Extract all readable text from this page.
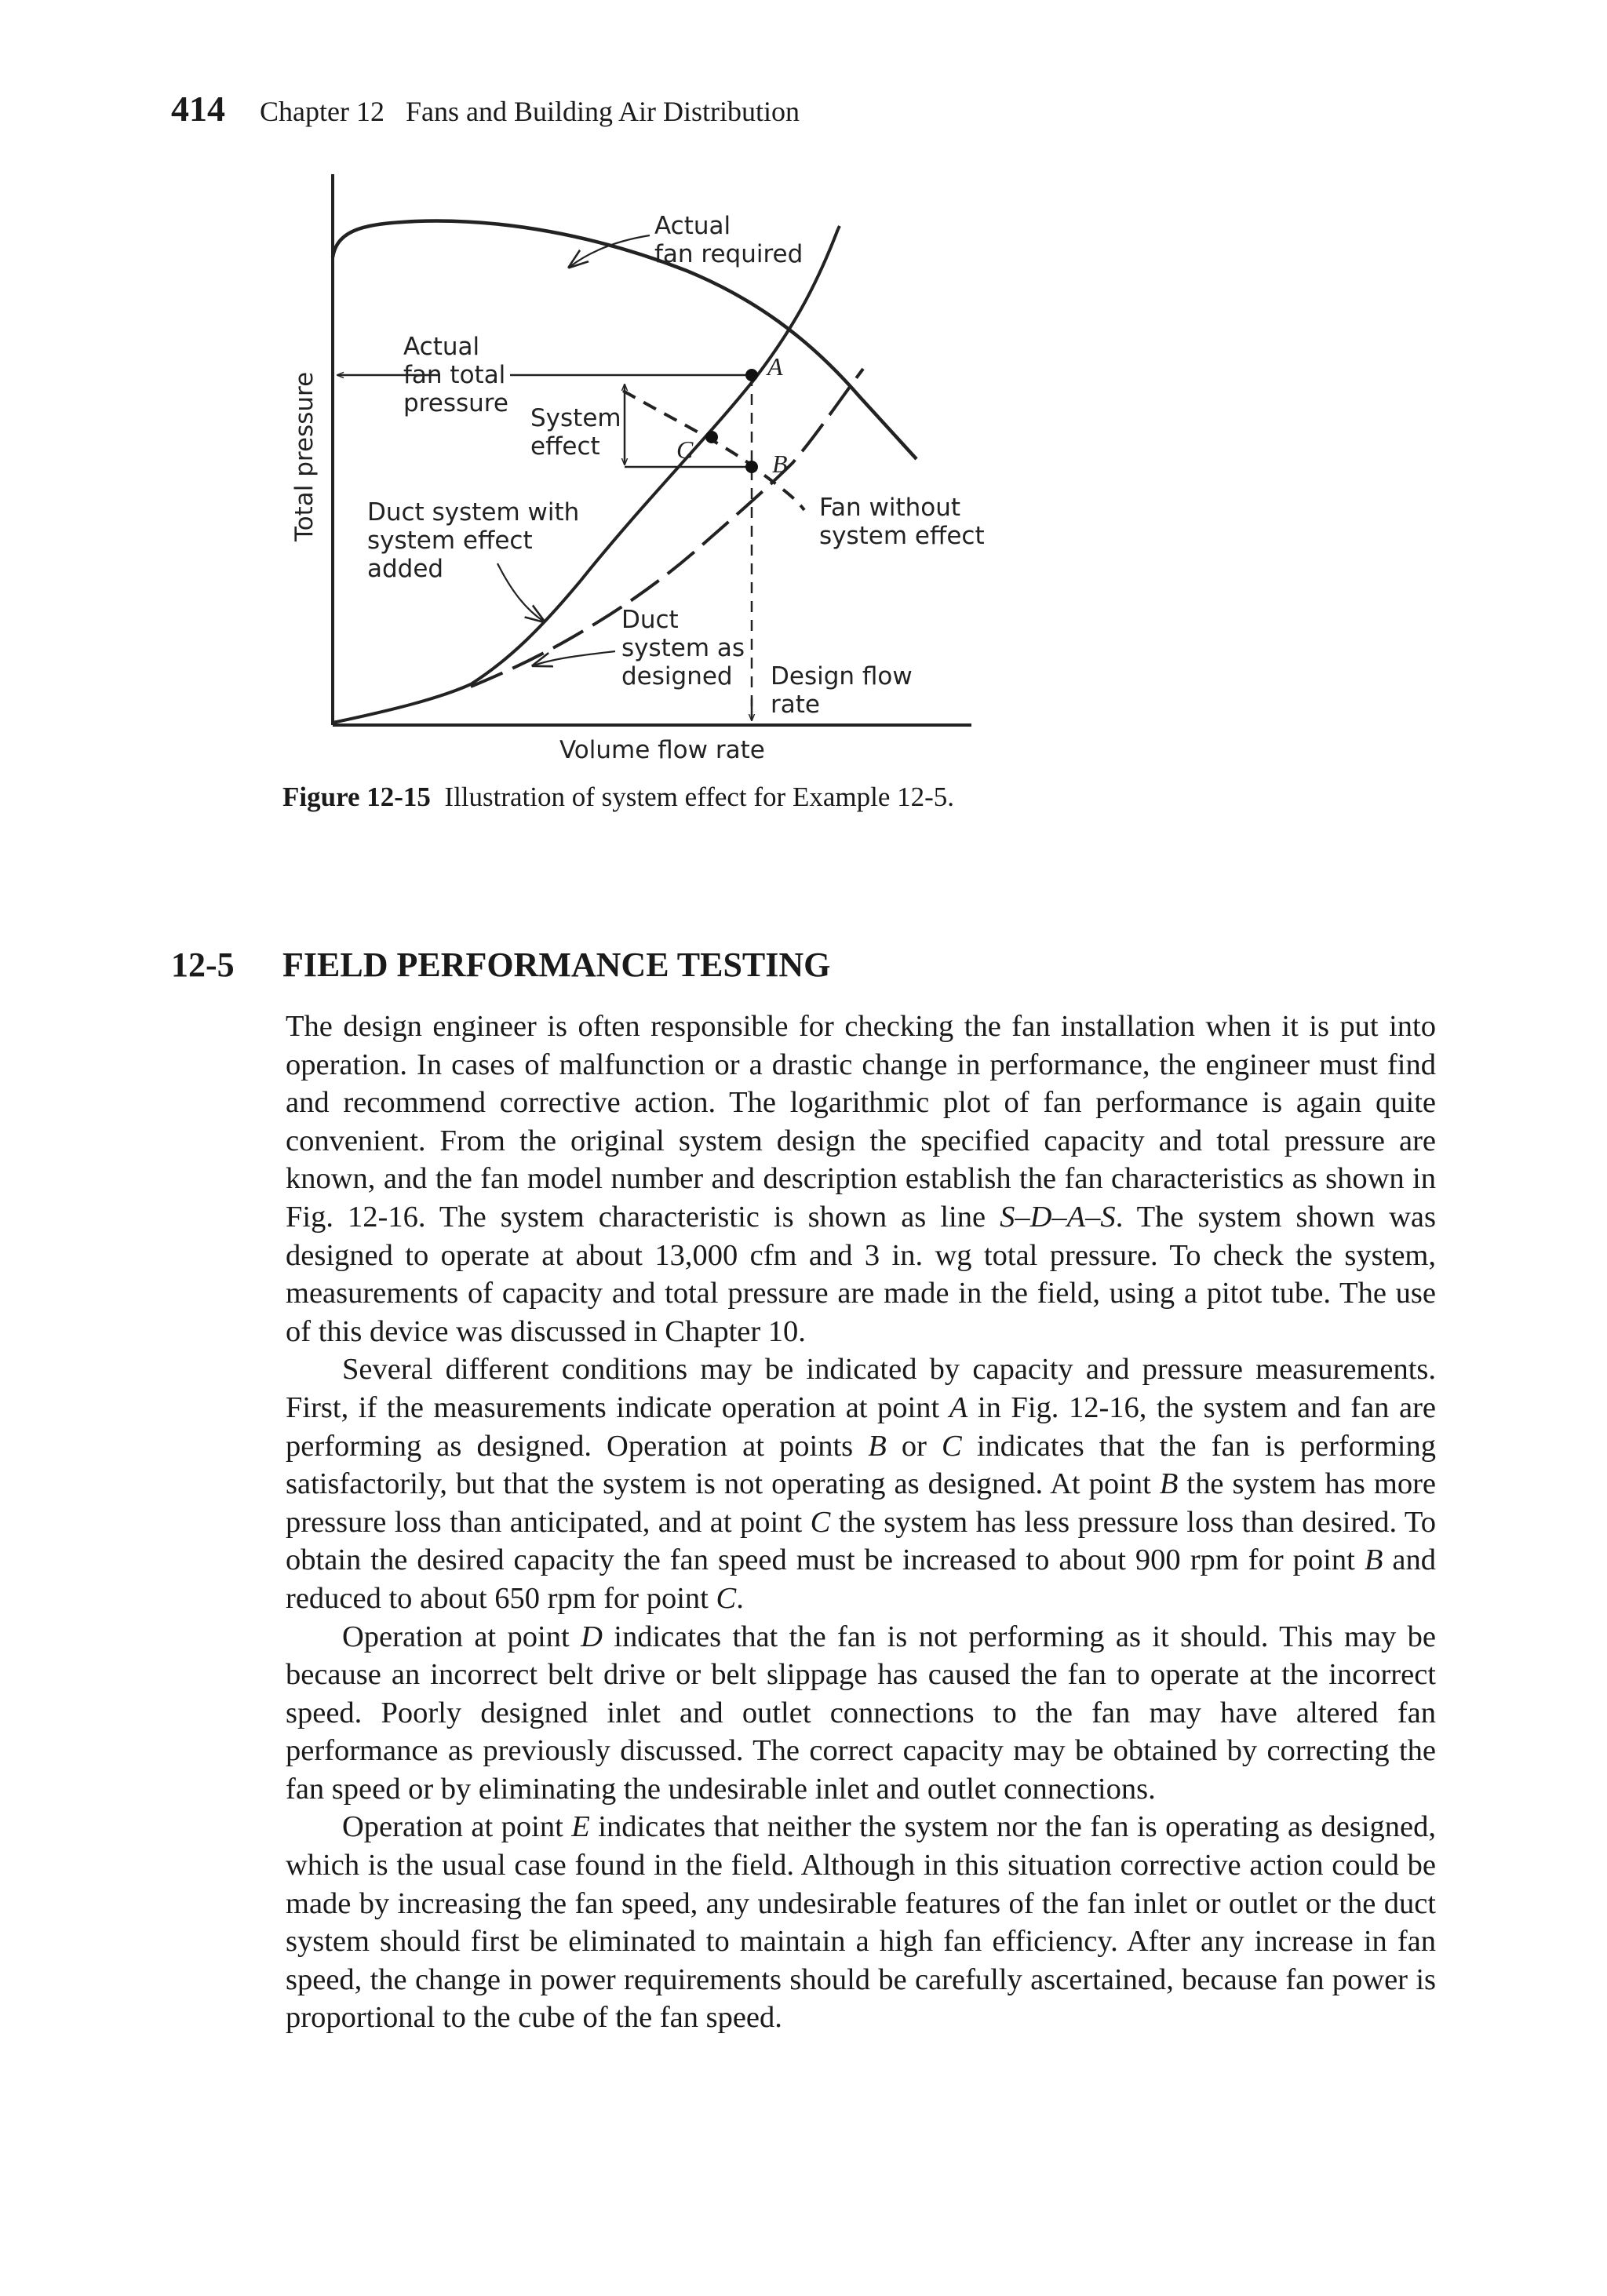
414 Chapter 12   Fans and Building Air Distribution
A
B
C
Actual
fan required
Actual
fan total
pressure
System
effect
Duct system with
system effect
added
Fan without
system effect
Duct
system as
designed Design flow
rate
Volume flow rate
Total pressure
Figure 12-15 Illustration of system effect for Example 12-5.
12-5 FIELD PERFORMANCE TESTING

The design engineer is often responsible for checking the fan installation when it is put into operation. In cases of malfunction or a drastic change in performance, the engineer must find and recommend corrective action. The logarithmic plot of fan performance is again quite convenient. From the original system design the specified capacity and total pressure are known, and the fan model number and description establish the fan characteristics as shown in Fig. 12-16. The system characteristic is shown as line S–D–A–S. The system shown was designed to operate at about 13,000 cfm and 3 in. wg total pressure. To check the system, measurements of capacity and total pressure are made in the field, using a pitot tube. The use of this device was discussed in Chapter 10.

Several different conditions may be indicated by capacity and pressure measurements. First, if the measurements indicate operation at point A in Fig. 12-16, the system and fan are performing as designed. Operation at points B or C indicates that the fan is performing satisfactorily, but that the system is not operating as designed. At point B the system has more pressure loss than anticipated, and at point C the system has less pressure loss than desired. To obtain the desired capacity the fan speed must be increased to about 900 rpm for point B and reduced to about 650 rpm for point C.

Operation at point D indicates that the fan is not performing as it should. This may be because an incorrect belt drive or belt slippage has caused the fan to operate at the incorrect speed. Poorly designed inlet and outlet connections to the fan may have altered fan performance as previously discussed. The correct capacity may be obtained by correcting the fan speed or by eliminating the undesirable inlet and outlet connections.

Operation at point E indicates that neither the system nor the fan is operating as designed, which is the usual case found in the field. Although in this situation corrective action could be made by increasing the fan speed, any undesirable features of the fan inlet or outlet or the duct system should first be eliminated to maintain a high fan efficiency. After any increase in fan speed, the change in power requirements should be carefully ascertained, because fan power is proportional to the cube of the fan speed.
